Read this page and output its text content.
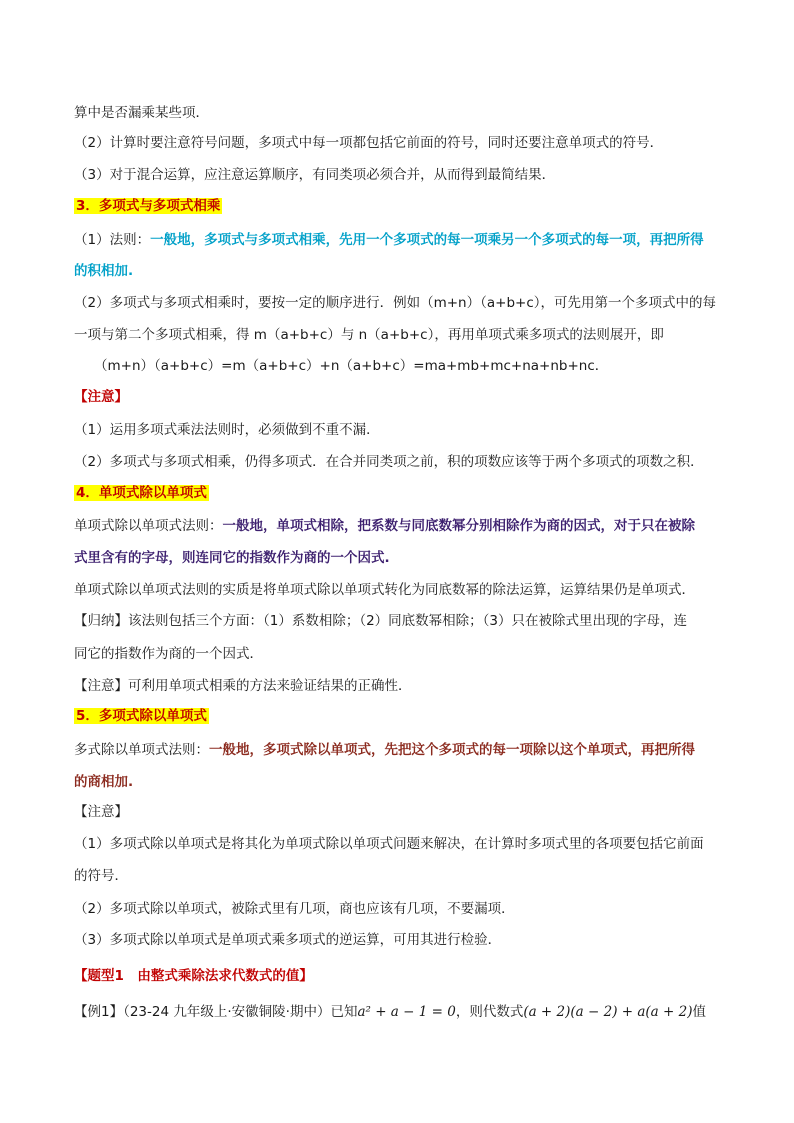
算中是否漏乘某些项．
（2）计算时要注意符号问题，多项式中每一项都包括它前面的符号，同时还要注意单项式的符号．
（3）对于混合运算，应注意运算顺序，有同类项必须合并，从而得到最简结果．
3．多项式与多项式相乘
（1）法则：一般地，多项式与多项式相乘，先用一个多项式的每一项乘另一个多项式的每一项，再把所得
的积相加.
（2）多项式与多项式相乘时，要按一定的顺序进行．例如（m+n）（a+b+c），可先用第一个多项式中的每
一项与第二个多项式相乘，得 m（a+b+c）与 n（a+b+c），再用单项式乘多项式的法则展开，即
（m+n）（a+b+c）=m（a+b+c）+n（a+b+c）=ma+mb+mc+na+nb+nc．
【注意】
（1）运用多项式乘法法则时，必须做到不重不漏．
（2）多项式与多项式相乘，仍得多项式．在合并同类项之前，积的项数应该等于两个多项式的项数之积．
4．单项式除以单项式
单项式除以单项式法则：一般地，单项式相除，把系数与同底数幂分别相除作为商的因式，对于只在被除
式里含有的字母，则连同它的指数作为商的一个因式.
单项式除以单项式法则的实质是将单项式除以单项式转化为同底数幂的除法运算，运算结果仍是单项式．
【归纳】该法则包括三个方面：（1）系数相除；（2）同底数幂相除；（3）只在被除式里出现的字母，连
同它的指数作为商的一个因式．
【注意】可利用单项式相乘的方法来验证结果的正确性．
5．多项式除以单项式
多式除以单项式法则：一般地，多项式除以单项式，先把这个多项式的每一项除以这个单项式，再把所得
的商相加.
【注意】
（1）多项式除以单项式是将其化为单项式除以单项式问题来解决，在计算时多项式里的各项要包括它前面
的符号．
（2）多项式除以单项式，被除式里有几项，商也应该有几项，不要漏项．
（3）多项式除以单项式是单项式乘多项式的逆运算，可用其进行检验．
【题型1　由整式乘除法求代数式的值】
【例1】（23-24 九年级上·安徽铜陵·期中）已知a² + a − 1 = 0，则代数式(a + 2)(a − 2) + a(a + 2)值
